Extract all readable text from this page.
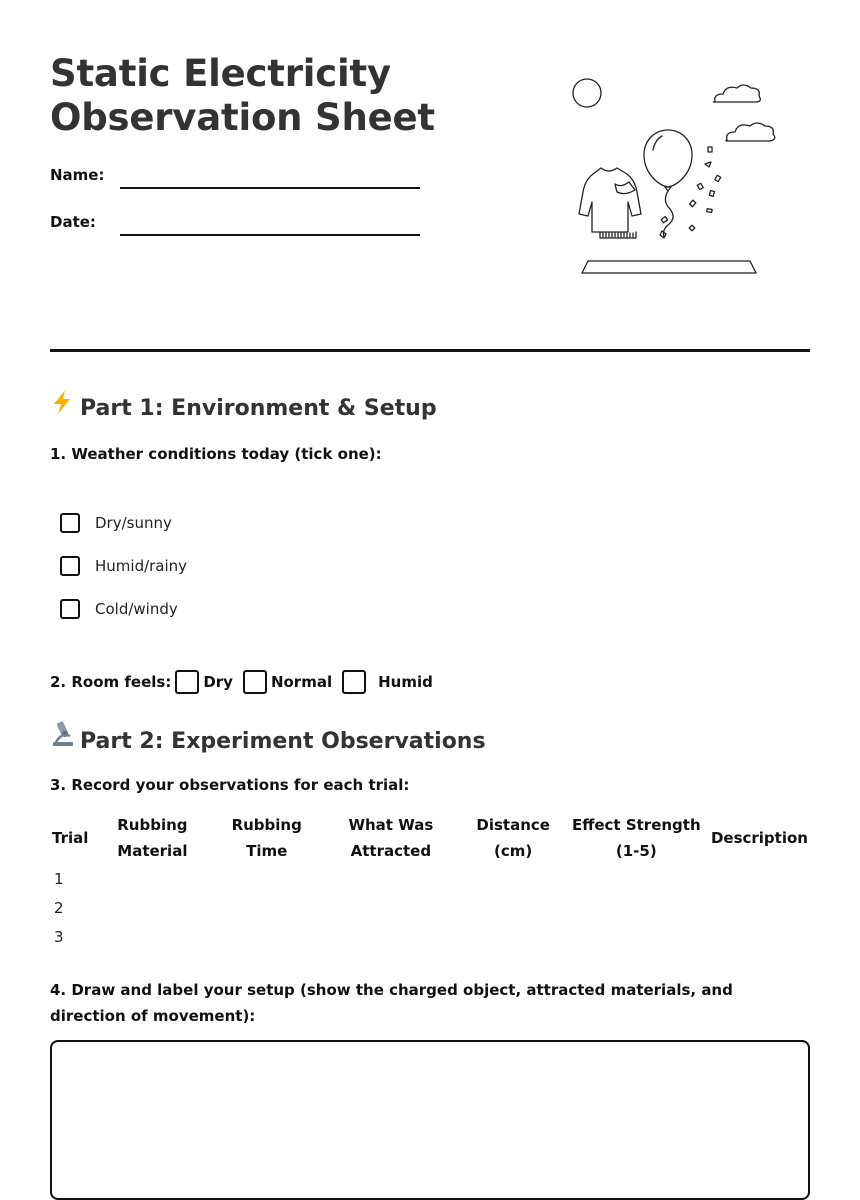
Static Electricity
Observation Sheet
Name:
Date:
Part 1: Environment & Setup
1. Weather conditions today (tick one):
Dry/sunny
Humid/rainy
Cold/windy
2. Room feels: Dry	Normal	Humid
Part 2: Experiment Observations
3. Record your observations for each trial:
Trial	Rubbing Material	Rubbing Time	What Was Attracted	Distance (cm)	Effect Strength (1-5)	Description
1						
2						
3						
4. Draw and label your setup (show the charged object, attracted materials, and direction of movement):
